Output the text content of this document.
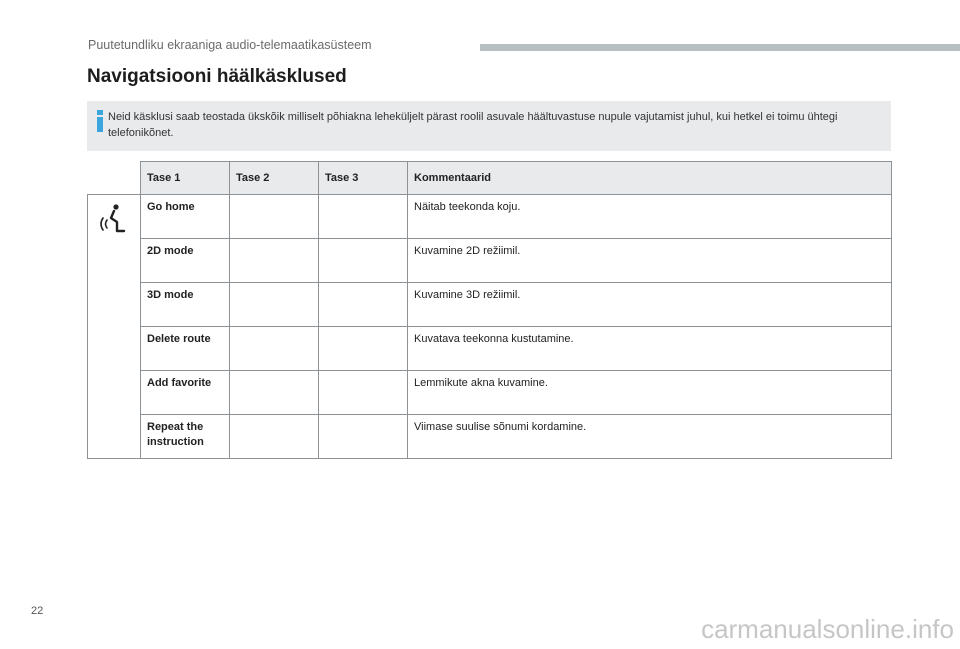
Puutetundliku ekraaniga audio-telemaatikasüsteem
Navigatsiooni häälkäsklused
Neid käsklusi saab teostada ükskõik milliselt põhiakna leheküljelt pärast roolil asuvale häältuvastuse nupule vajutamist juhul, kui hetkel ei toimu ühtegi telefonikõnet.
	Tase 1	Tase 2	Tase 3	Kommentaarid

	Go home			Näitab teekonda koju.
	2D mode			Kuvamine 2D režiimil.
	3D mode			Kuvamine 3D režiimil.
	Delete route			Kuvatava teekonna kustutamine.
	Add favorite			Lemmikute akna kuvamine.
	Repeat the instruction			Viimase suulise sõnumi kordamine.
22
carmanualsonline.info
